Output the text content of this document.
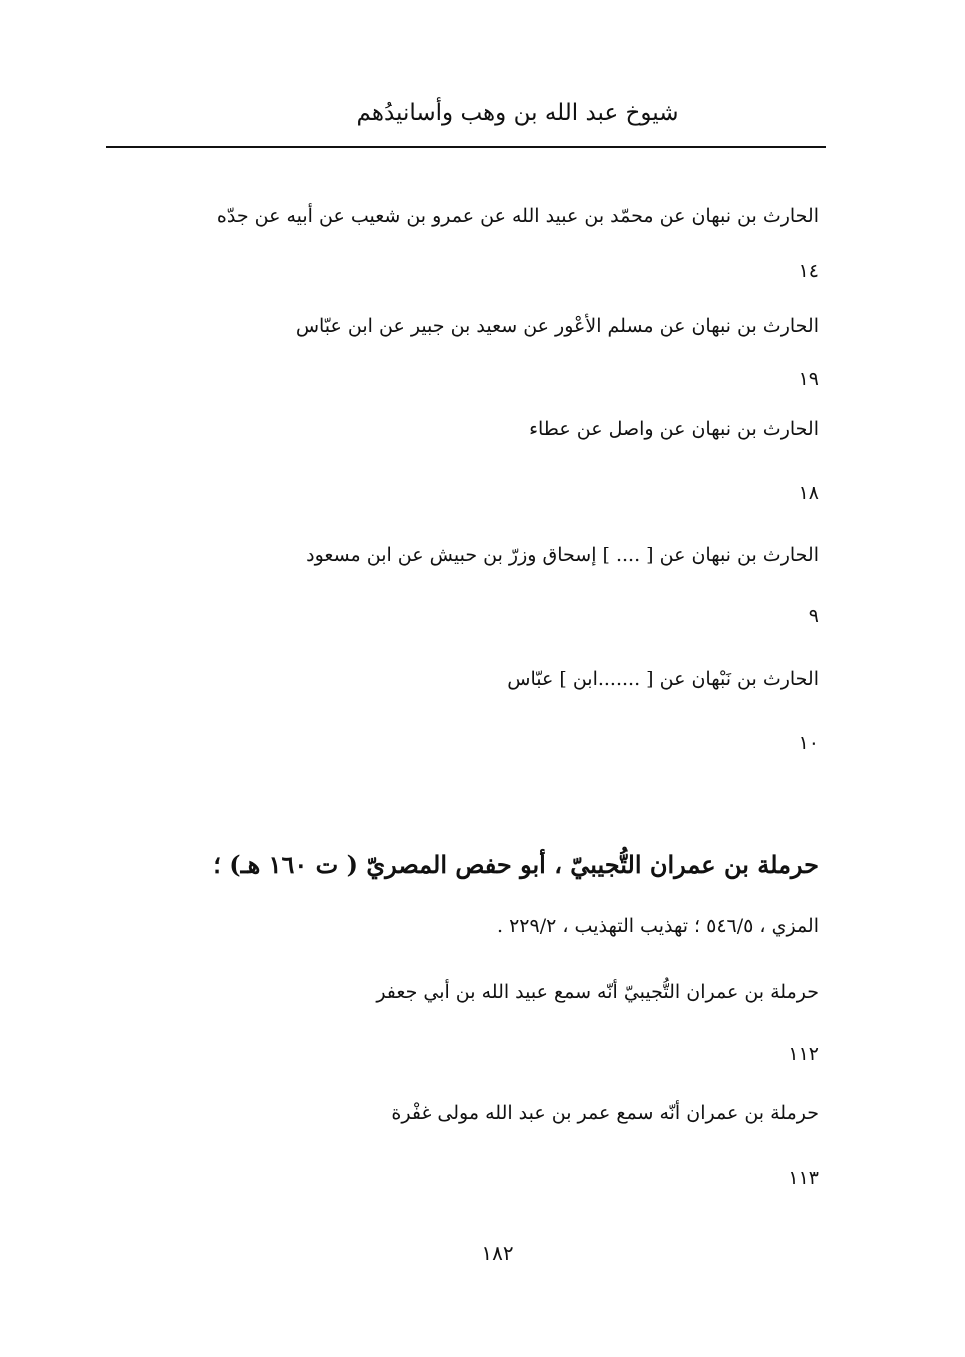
شيوخ عبد الله بن وهب وأسانيدُهم
الحارث بن نبهان عن محمّد بن عبيد الله عن عمرو بن شعيب عن أبيه عن جدّه
١٤
الحارث بن نبهان عن مسلم الأعْور عن سعيد بن جبير عن ابن عبّاس
١٩
الحارث بن نبهان عن واصل عن عطاء
١٨
الحارث بن نبهان عن [ .... ] إسحاق وزرّ بن حبيش عن ابن مسعود
٩
الحارث بن نَبْهان عن [ .......ابن ] عبّاس
١٠
حرملة بن عمران التُّجيبيّ ، أبو حفص المصريّ ( ت ١٦٠ هـ) ؛
المزي ، ٥٤٦/٥ ؛ تهذيب التهذيب ، ٢٢٩/٢ .
حرملة بن عمران التُّجيبيّ أنّه سمع عبيد الله بن أبي جعفر
١١٢
حرملة بن عمران أنّه سمع عمر بن عبد الله مولى غفْرة
١١٣
١٨٢
